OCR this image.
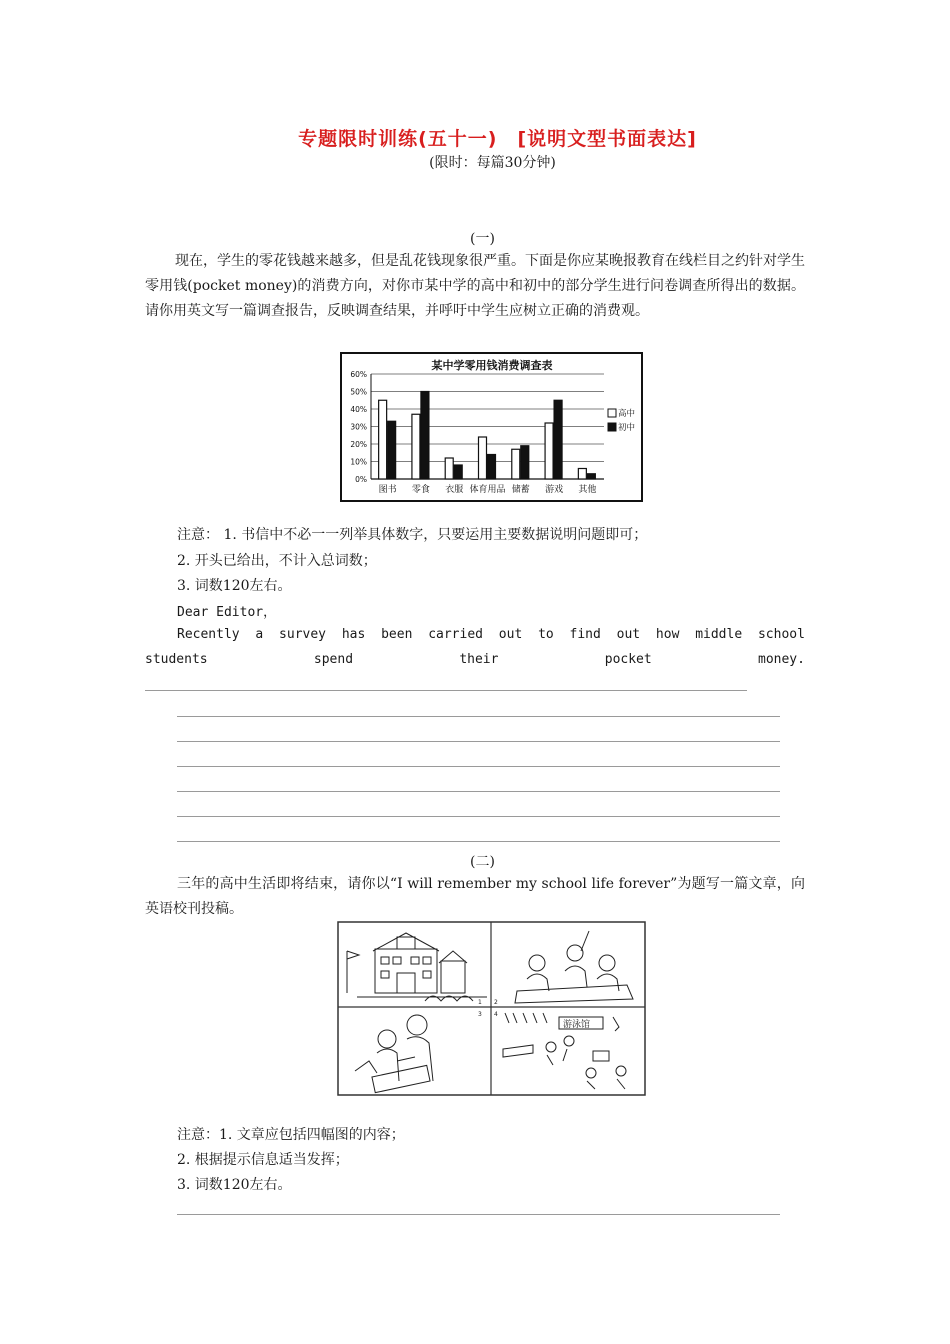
专题限时训练(五十一)　[说明文型书面表达]
(限时：每篇30分钟)
(一)
现在，学生的零花钱越来越多，但是乱花钱现象很严重。下面是你应某晚报教育在线栏目之约针对学生零用钱(pocket money)的消费方向，对你市某中学的高中和初中的部分学生进行问卷调查所得出的数据。请你用英文写一篇调查报告，反映调查结果，并呼吁中学生应树立正确的消费观。
某中学零用钱消费调查表
0%
10%
20%
30%
40%
50%
60%
图书 零食 衣服 体育用品 储蓄 游戏 其他
高中
初中
注意： 1. 书信中不必一一列举具体数字，只要运用主要数据说明问题即可；
2. 开头已给出，不计入总词数；
3. 词数120左右。
Dear Editor，
Recently a survey has been carried out to find out how middle school
students	spend	their	pocket	money.
(二)
三年的高中生活即将结束，请你以“I will remember my school life forever”为题写一篇文章，向英语校刊投稿。
1 2
3 4
游泳馆
注意：1. 文章应包括四幅图的内容；
2. 根据提示信息适当发挥；
3. 词数120左右。
